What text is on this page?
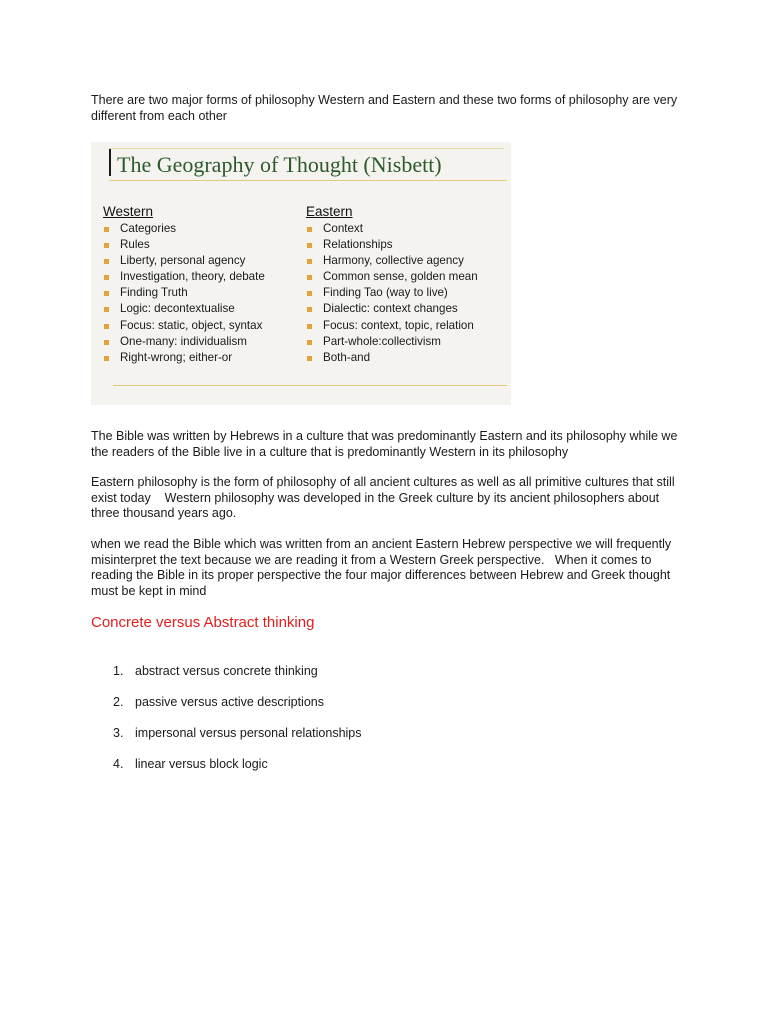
There are two major forms of philosophy Western and Eastern and these two forms of philosophy are very different from each other

The Geography of Thought (Nisbett)
Western
Categories
Rules
Liberty, personal agency
Investigation, theory, debate
Finding Truth
Logic: decontextualise
Focus: static, object, syntax
One-many: individualism
Right-wrong; either-or
Eastern
Context
Relationships
Harmony, collective agency
Common sense, golden mean
Finding Tao (way to live)
Dialectic: context changes
Focus: context, topic, relation
Part-whole:collectivism
Both-and

The Bible was written by Hebrews in a culture that was predominantly Eastern and its philosophy while we the readers of the Bible live in a culture that is predominantly Western in its philosophy

Eastern philosophy is the form of philosophy of all ancient cultures as well as all primitive cultures that still exist today    Western philosophy was developed in the Greek culture by its ancient philosophers about three thousand years ago.

when we read the Bible which was written from an ancient Eastern Hebrew perspective we will frequently misinterpret the text because we are reading it from a Western Greek perspective.   When it comes to reading the Bible in its proper perspective the four major differences between Hebrew and Greek thought must be kept in mind

Concrete versus Abstract thinking
1. abstract versus concrete thinking
2. passive versus active descriptions
3. impersonal versus personal relationships
4. linear versus block logic
